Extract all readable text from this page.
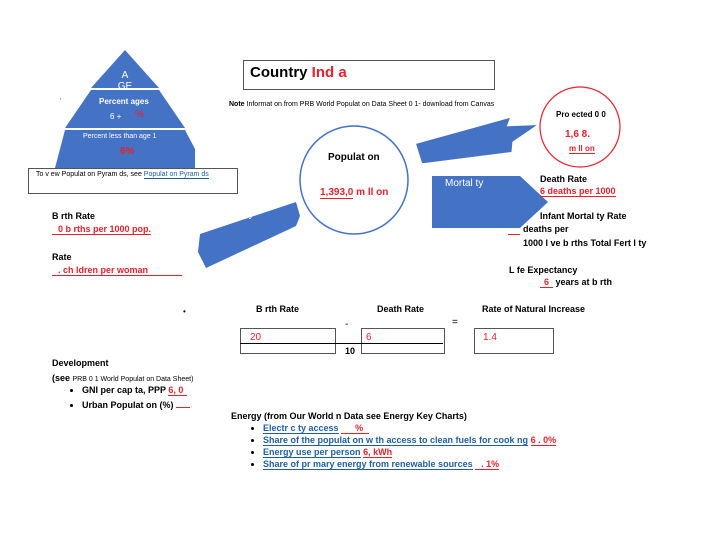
A
GE
Percent ages
6 + %
Percent less than age 1
6%
'
Country Ind a
Note Informat on from PRB World Populat on Data Sheet 0 1- download from Canvas
To v ew Populat on Pyram ds, see Populat on Pyram ds
Populat on
1,393,0 m ll on
Pro ected 0 0
1,6 8.
m ll on
Mortal ty
ty
Death Rate
6 deaths per 1000
B rth Rate
0 b rths per 1000 pop.
Infant Mortal ty Rate
deaths per
1000 l ve b rths Total Fert l ty
Rate
. ch ldren per woman	L fe Expectancy
6 years at b rth
•	B rth Rate	Death Rate	Rate of Natural Increase
-	=
20	6	1.4
10
Development
(see PRB 0 1 World Populat on Data Sheet)
• GNI per cap ta, PPP 6, 0
• Urban Populat on (%)
Energy (from Our World n Data see Energy Key Charts)
• Electr c ty access %
• Share of the populat on w th access to clean fuels for cook ng 6 . 0%
• Energy use per person 6, kWh
• Share of pr mary energy from renewable sources . 1%
